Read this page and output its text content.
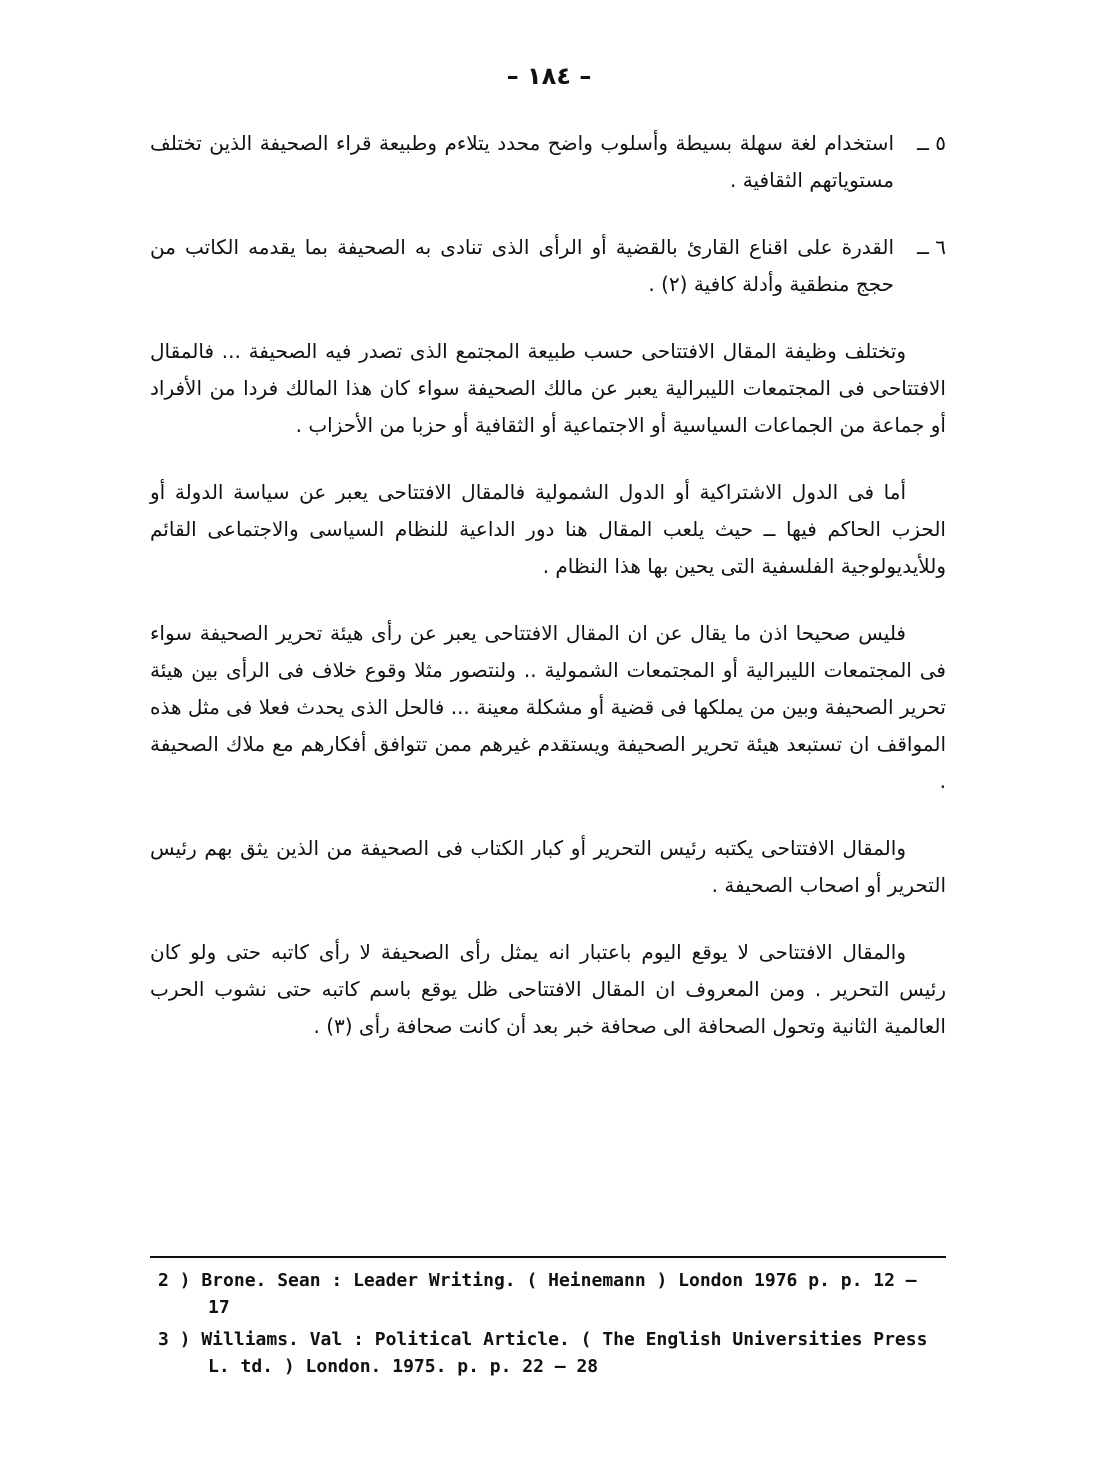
– ١٨٤ –
٥ ــ
استخدام لغة سهلة بسيطة وأسلوب واضح محدد يتلاءم وطبيعة قراء الصحيفة الذين تختلف مستوياتهم الثقافية .
٦ ــ
القدرة على اقناع القارئ بالقضية أو الرأى الذى تنادى به الصحيفة بما يقدمه الكاتب من حجج منطقية وأدلة كافية (٢) .

وتختلف وظيفة المقال الافتتاحى حسب طبيعة المجتمع الذى تصدر فيه الصحيفة ... فالمقال الافتتاحى فى المجتمعات الليبرالية يعبر عن مالك الصحيفة سواء كان هذا المالك فردا من الأفراد أو جماعة من الجماعات السياسية أو الاجتماعية أو الثقافية أو حزبا من الأحزاب .

أما فى الدول الاشتراكية أو الدول الشمولية فالمقال الافتتاحى يعبر عن سياسة الدولة أو الحزب الحاكم فيها ــ حيث يلعب المقال هنا دور الداعية للنظام السياسى والاجتماعى القائم وللأيديولوجية الفلسفية التى يحين بها هذا النظام .

فليس صحيحا اذن ما يقال عن ان المقال الافتتاحى يعبر عن رأى هيئة تحرير الصحيفة سواء فى المجتمعات الليبرالية أو المجتمعات الشمولية .. ولنتصور مثلا وقوع خلاف فى الرأى بين هيئة تحرير الصحيفة وبين من يملكها فى قضية أو مشكلة معينة ... فالحل الذى يحدث فعلا فى مثل هذه المواقف ان تستبعد هيئة تحرير الصحيفة ويستقدم غيرهم ممن تتوافق أفكارهم مع ملاك الصحيفة .

والمقال الافتتاحى يكتبه رئيس التحرير أو كبار الكتاب فى الصحيفة من الذين يثق بهم رئيس التحرير أو اصحاب الصحيفة .

والمقال الافتتاحى لا يوقع اليوم باعتبار انه يمثل رأى الصحيفة لا رأى كاتبه حتى ولو كان رئيس التحرير . ومن المعروف ان المقال الافتتاحى ظل يوقع باسم كاتبه حتى نشوب الحرب العالمية الثانية وتحول الصحافة الى صحافة خبر بعد أن كانت صحافة رأى (٣) .

2 ) Brone. Sean : Leader Writing. ( Heinemann ) London 1976 p. p. 12 — 17

3 ) Williams. Val : Political Article. ( The English Universities Press L. td. ) London. 1975. p. p. 22 — 28
